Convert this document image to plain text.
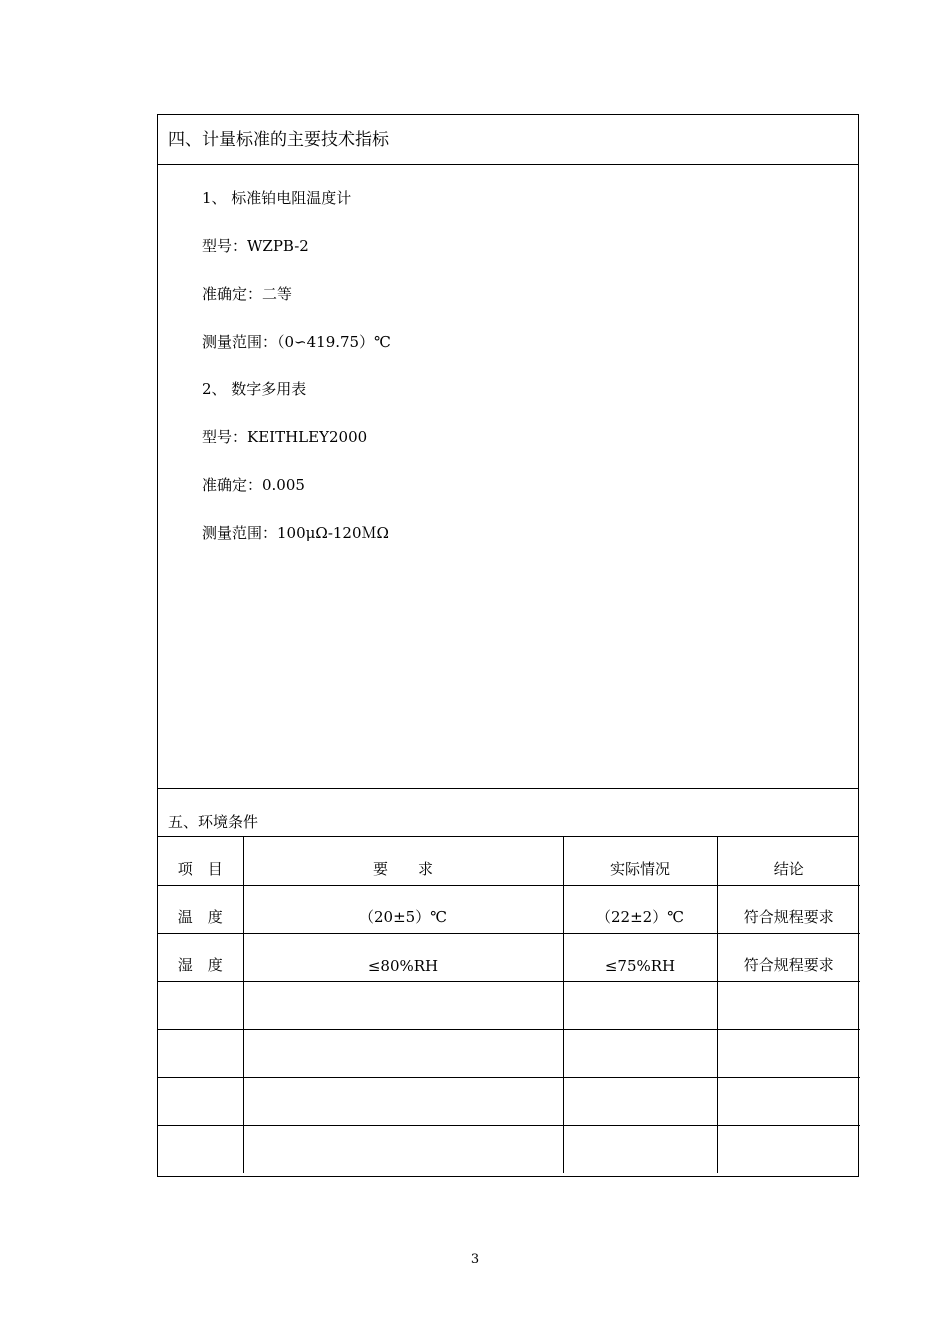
四、计量标准的主要技术指标
1、 标准铂电阻温度计
型号：WZPB-2
准确定：二等
测量范围：（0∽419.75）℃
2、 数字多用表
型号：KEITHLEY2000
准确定：0.005
测量范围：100μΩ-120ＭΩ
五、环境条件
项　目	要　　求	实际情况	结论
温　度	（20±5）℃	（22±2）℃	符合规程要求
湿　度	≤80%RH	≤75%RH	符合规程要求

3
